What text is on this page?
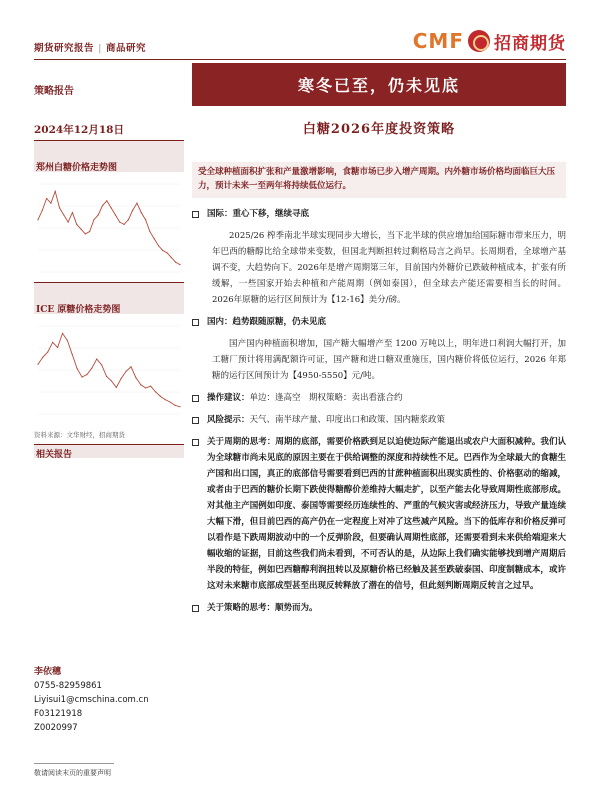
期货研究报告 | 商品研究	CMF 招商期货
策略报告	寒冬已至，仍未见底
2024年12月18日	白糖2026年度投资策略
郑州白糖价格走势图
ICE 原糖价格走势图
资料来源：文华财经，招商期货
相关报告
李依穗
0755-82959861
Liyisui1@cmschina.com.cn
F03121918
Z0020997
受全球种植面积扩张和产量激增影响，食糖市场已步入增产周期。内外糖市场价格均面临巨大压力，预计未来一至两年将持续低位运行。
国际：重心下移，继续寻底
2025/26 榨季南北半球实现同步大增长，当下北半球的供应增加给国际糖市带来压力，明年巴西的糖醇比给全球带来变数，但国北判断担转过剩格局言之尚早。长周期看，全球增产基调不变，大趋势向下。2026年是增产周期第三年，目前国内外糖价已跌破种植成本，扩张有所缓解，一些国家开始去种植和产能周期（例如泰国），但全球去产能还需要相当长的时间。2026年原糖的运行区间预计为【12-16】美分/磅。
国内：趋势跟随原糖，仍未见底
国产国内种植面积增加，国产糖大幅增产至 1200 万吨以上，明年进口利润大幅打开，加工糖厂预计将用满配额许可证，国产糖和进口糖双重施压，国内糖价将低位运行，2026 年郑糖的运行区间预计为【4950-5550】元/吨。
操作建议：单边：逢高空　期权策略：卖出看涨合约
风险提示：天气、南半球产量、印度出口和政策、国内糖浆政策
关于周期的思考：周期的底部，需要价格跌到足以迫使边际产能退出或农户大面积减种。我们认为全球糖市尚未见底的原因主要在于供给调整的深度和持续性不足。巴西作为全球最大的食糖生产国和出口国，真正的底部信号需要看到巴西的甘蔗种植面积出现实质性的、价格驱动的缩减，或者由于巴西的糖价长期下跌使得糖醇价差维持大幅走扩，以至产能去化导致周期性底部形成。对其他主产国例如印度、泰国等需要经历连续性的、严重的气候灾害或经济压力，导致产量连续大幅下滑，但目前巴西的高产仍在一定程度上对冲了这些减产风险。当下的低库存和价格反弹可以看作是下跌周期波动中的一个反弹阶段，但要确认周期性底部，还需要看到未来供给端迎来大幅收缩的证据，目前这些我们尚未看到，不可否认的是，从边际上我们确实能够找到增产周期后半段的特征，例如巴西糖醇利润扭转以及原糖价格已经触及甚至跌破泰国、印度制糖成本，或许这对未来糖市底部成型甚至出现反转释放了潜在的信号，但此刻判断周期反转言之过早。
关于策略的思考：顺势而为。
敬请阅读末页的重要声明
